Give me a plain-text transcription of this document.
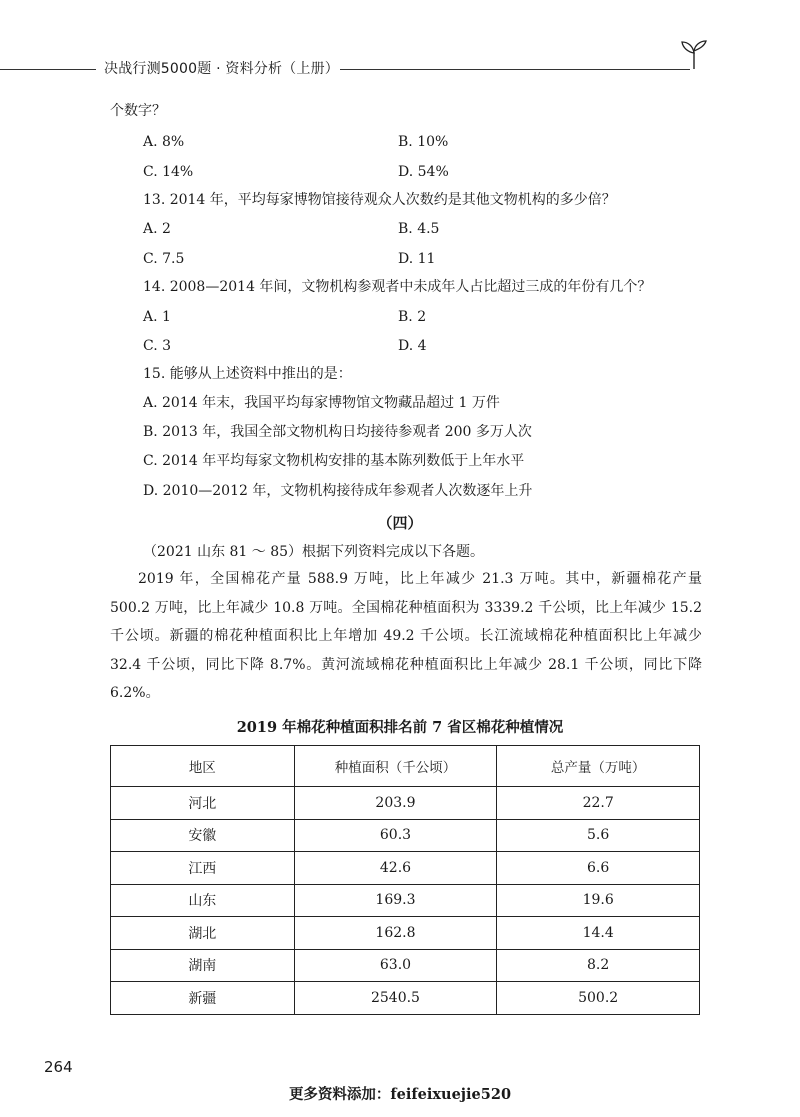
决战行测5000题 · 资料分析（上册）
个数字？
A. 8%	B. 10%
C. 14%	D. 54%
13. 2014 年，平均每家博物馆接待观众人次数约是其他文物机构的多少倍？
A. 2	B. 4.5
C. 7.5	D. 11
14. 2008—2014 年间，文物机构参观者中未成年人占比超过三成的年份有几个？
A. 1	B. 2
C. 3	D. 4
15. 能够从上述资料中推出的是：
A. 2014 年末，我国平均每家博物馆文物藏品超过 1 万件
B. 2013 年，我国全部文物机构日均接待参观者 200 多万人次
C. 2014 年平均每家文物机构安排的基本陈列数低于上年水平
D. 2010—2012 年，文物机构接待成年参观者人次数逐年上升
（四）
（2021 山东 81 ～ 85）根据下列资料完成以下各题。
2019 年，全国棉花产量 588.9 万吨，比上年减少 21.3 万吨。其中，新疆棉花产量 500.2 万吨，比上年减少 10.8 万吨。全国棉花种植面积为 3339.2 千公顷，比上年减少 15.2 千公顷。新疆的棉花种植面积比上年增加 49.2 千公顷。长江流域棉花种植面积比上年减少 32.4 千公顷，同比下降 8.7%。黄河流域棉花种植面积比上年减少 28.1 千公顷，同比下降 6.2%。
2019 年棉花种植面积排名前 7 省区棉花种植情况
地区	种植面积（千公顷）	总产量（万吨）
河北	203.9	22.7
安徽	60.3	5.6
江西	42.6	6.6
山东	169.3	19.6
湖北	162.8	14.4
湖南	63.0	8.2
新疆	2540.5	500.2
264
更多资料添加：feifeixuejie520
